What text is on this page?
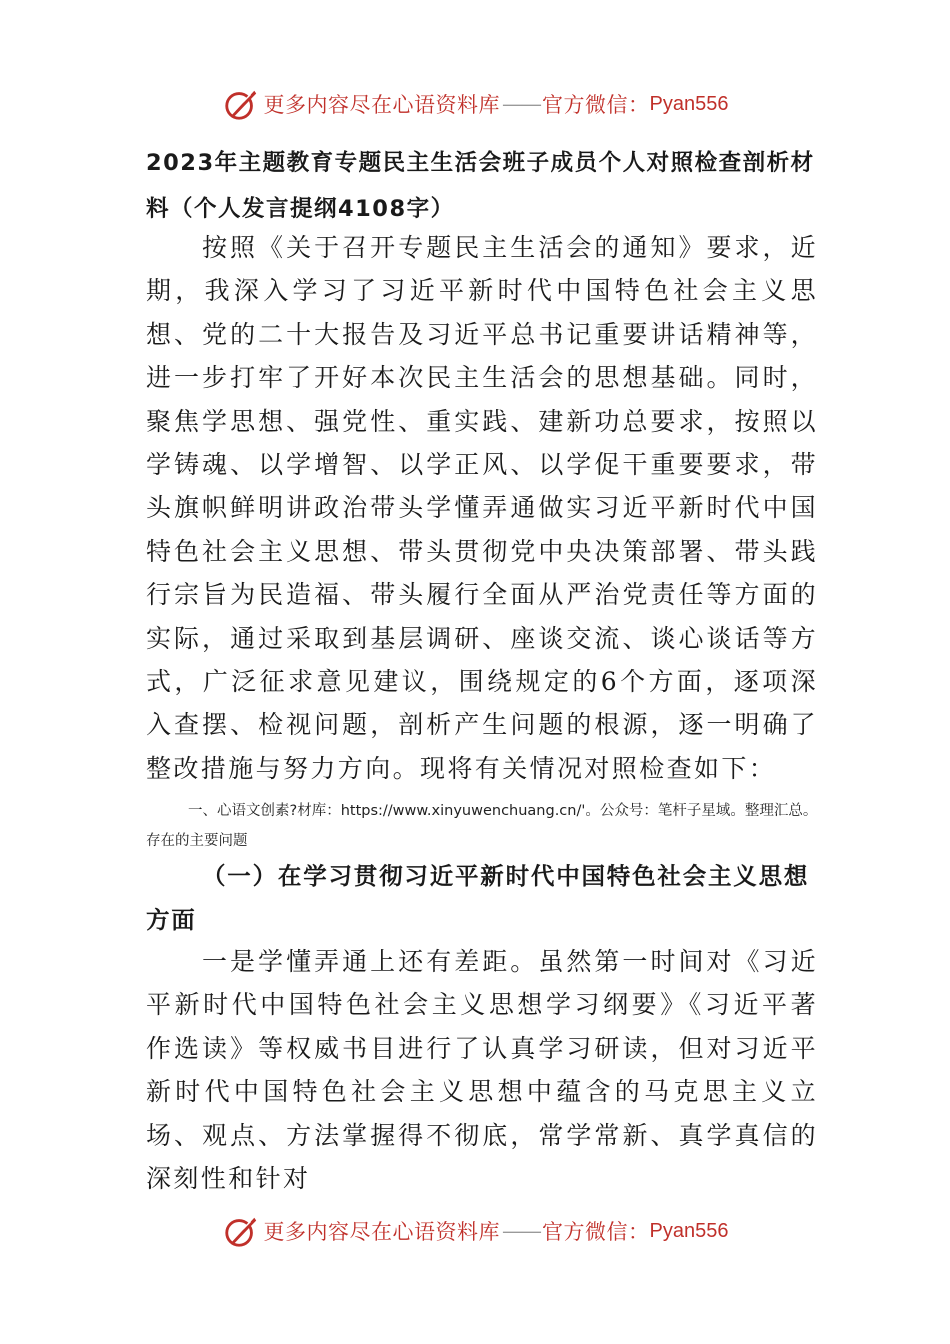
更多内容尽在心语资料库 —— 官方微信： Pyan556
2023年主题教育专题民主生活会班子成员个人对照检查剖析材料（个人发言提纲4108字）

按照《关于召开专题民主生活会的通知》要求，近期，我深入学习了习近平新时代中国特色社会主义思想、党的二十大报告及习近平总书记重要讲话精神等，进一步打牢了开好本次民主生活会的思想基础。同时，聚焦学思想、强党性、重实践、建新功总要求，按照以学铸魂、以学增智、以学正风、以学促干重要要求，带头旗帜鲜明讲政治带头学懂弄通做实习近平新时代中国特色社会主义思想、带头贯彻党中央决策部署、带头践行宗旨为民造福、带头履行全面从严治党责任等方面的实际，通过采取到基层调研、座谈交流、谈心谈话等方式，广泛征求意见建议，围绕规定的6个方面，逐项深入查摆、检视问题，剖析产生问题的根源，逐一明确了整改措施与努力方向。现将有关情况对照检查如下：

一、心语文创素?材库：https://www.xinyuwenchuang.cn/'。公众号：笔杆子星域。整理汇总。存在的主要问题

（一）在学习贯彻习近平新时代中国特色社会主义思想方面

一是学懂弄通上还有差距。虽然第一时间对《习近平新时代中国特色社会主义思想学习纲要》《习近平著作选读》等权威书目进行了认真学习研读，但对习近平新时代中国特色社会主义思想中蕴含的马克思主义立场、观点、方法掌握得不彻底，常学常新、真学真信的深刻性和针对

更多内容尽在心语资料库 —— 官方微信： Pyan556
